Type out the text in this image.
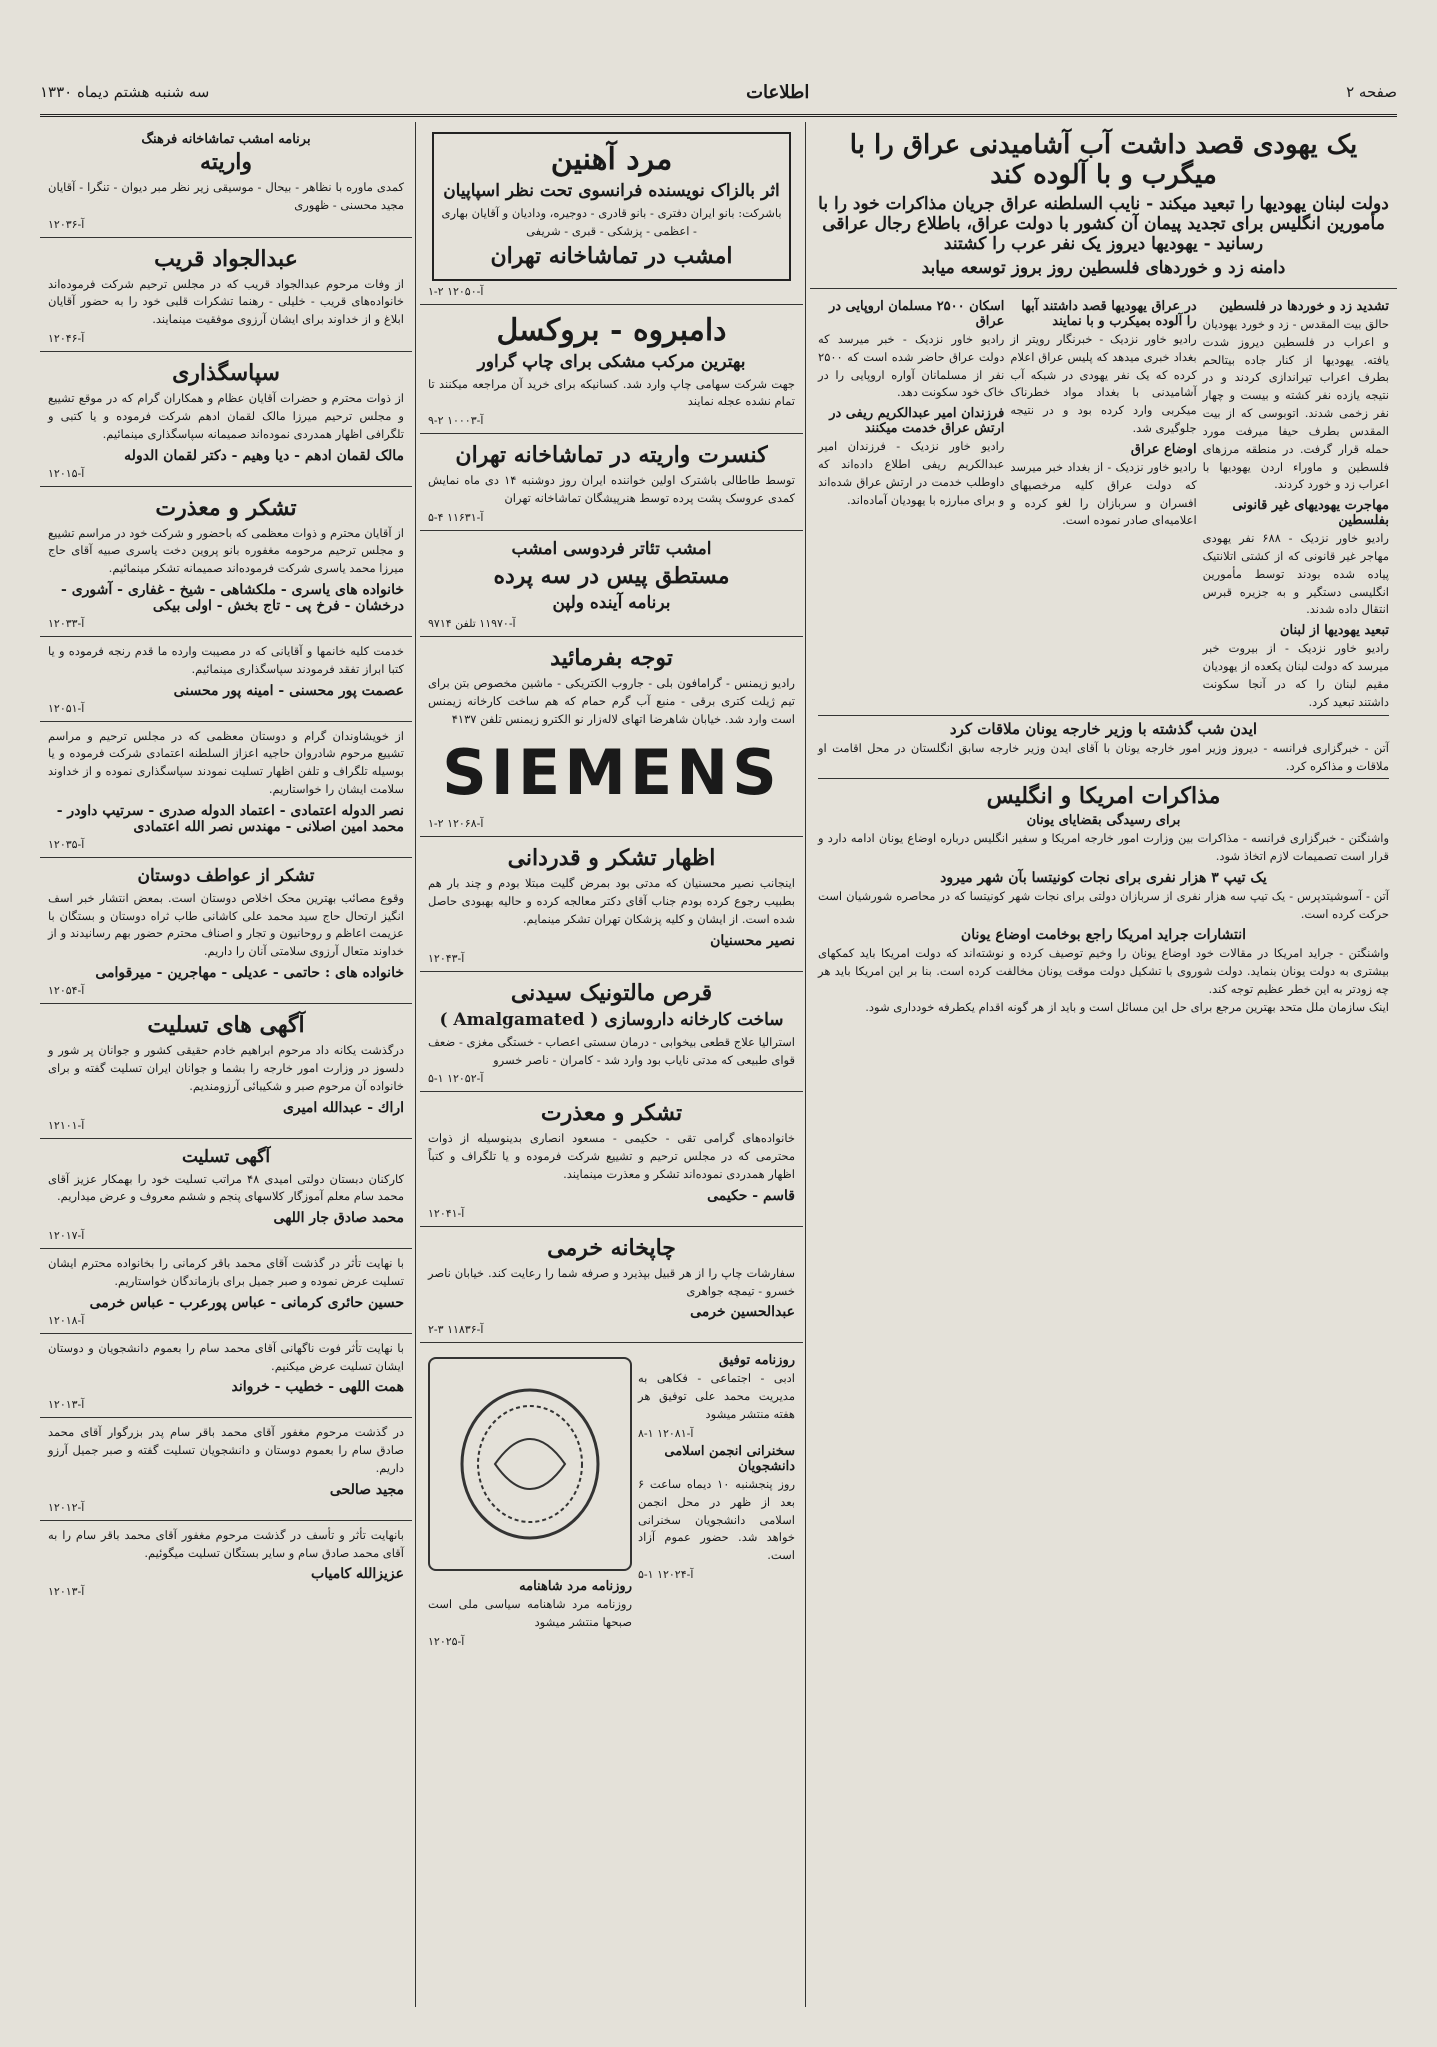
سه شنبه هشتم دیماه ۱۳۳۰	اطلاعات	صفحه ۲
یک یهودی قصد داشت آب آشامیدنی عراق را با میگرب و با آلوده کند
دولت لبنان یهودیها را تبعید میکند - نایب السلطنه عراق جریان مذاکرات خود را با مأمورین انگلیس برای تجدید پیمان آن کشور با دولت عراق، باطلاع رجال عراقی رسانید - یهودیها دیروز یک نفر عرب را کشتند
دامنه زد و خوردهای فلسطین روز بروز توسعه میابد
تشدید زد و خوردها در فلسطین
حالق بیت المقدس - زد و خورد یهودیان و اعراب در فلسطین دیروز شدت یافته. یهودیها از کنار جاده بیتالحم بطرف اعراب تیراندازی کردند و در نتیجه یازده نفر کشته و بیست و چهار نفر زخمی شدند. اتوبوسی که از بیت المقدس بطرف حیفا میرفت مورد حمله قرار گرفت. در منطقه مرزهای فلسطین و ماوراء اردن یهودیها با اعراب زد و خورد کردند.
مهاجرت یهودیهای غیر قانونی بفلسطین
رادیو خاور نزدیک - ۶۸۸ نفر یهودی مهاجر غیر قانونی که از کشتی اتلانتیک پیاده شده بودند توسط مأمورین انگلیسی دستگیر و به جزیره قبرس انتقال داده شدند.
تبعید یهودیها از لبنان
رادیو خاور نزدیک - از بیروت خبر میرسد که دولت لبنان یکعده از یهودیان مقیم لبنان را که در آنجا سکونت داشتند تبعید کرد.
در عراق یهودیها قصد داشتند آبها را آلوده بمیکرب و با نمایند
رادیو خاور نزدیک - خبرنگار رویتر از بغداد خبری میدهد که پلیس عراق اعلام کرده که یک نفر یهودی در شبکه آب آشامیدنی با بغداد مواد خطرناک میکربی وارد کرده بود و در نتیجه جلوگیری شد.
اوضاع عراق
رادیو خاور نزدیک - از بغداد خبر میرسد که دولت عراق کلیه مرخصیهای افسران و سربازان را لغو کرده و اعلامیه‌ای صادر نموده است.
اسکان ۲۵۰۰ مسلمان اروپایی در عراق
رادیو خاور نزدیک - خبر میرسد که دولت عراق حاضر شده است که ۲۵۰۰ نفر از مسلمانان آواره اروپایی را در خاک خود سکونت دهد.
فرزندان امیر عبدالکریم ریفی در ارتش عراق خدمت میکنند
رادیو خاور نزدیک - فرزندان امیر عبدالکریم ریفی اطلاع داده‌اند که داوطلب خدمت در ارتش عراق شده‌اند و برای مبارزه با یهودیان آماده‌اند.
ایدن شب گذشته با وزیر خارجه یونان ملاقات کرد
آتن - خبرگزاری فرانسه - دیروز وزیر امور خارجه یونان با آقای ایدن وزیر خارجه سابق انگلستان در محل اقامت او ملاقات و مذاکره کرد.
مذاکرات امریکا و انگلیس
برای رسیدگی بقضایای یونان
واشنگتن - خبرگزاری فرانسه - مذاکرات بین وزارت امور خارجه امریکا و سفیر انگلیس درباره اوضاع یونان ادامه دارد و قرار است تصمیمات لازم اتخاذ شود.
یک تیپ ۳ هزار نفری برای نجات کونیتسا بآن شهر میرود
آتن - آسوشیتدپرس - یک تیپ سه هزار نفری از سربازان دولتی برای نجات شهر کونیتسا که در محاصره شورشیان است حرکت کرده است.
انتشارات جراید امریکا راجع بوخامت اوضاع یونان
واشنگتن - جراید امریکا در مقالات خود اوضاع یونان را وخیم توصیف کرده و نوشته‌اند که دولت امریکا باید کمکهای بیشتری به دولت یونان بنماید. دولت شوروی با تشکیل دولت موقت یونان مخالفت کرده است. بنا بر این امریکا باید هر چه زودتر به این خطر عظیم توجه کند.
اینک سازمان ملل متحد بهترین مرجع برای حل این مسائل است و باید از هر گونه اقدام یکطرفه خودداری شود.
مرد آهنین
اثر بالزاک نویسنده فرانسوی تحت نظر اسپاپیان
باشرکت: بانو ایران دفتری - بانو قادری - دوجیره، وداديان و آقايان بهاری - اعظمی - پزشکی - قبری - شریفی
امشب در تماشاخانه تهران
آ-۱۲۰۵۰ ۲-۱
دامبروه - بروکسل
بهترین مرکب مشکی برای چاپ گراور
جهت شرکت سهامی چاپ وارد شد. کسانیکه برای خرید آن مراجعه میکنند تا تمام نشده عجله نمایند
آ-۱۰۰۰۳ ۲-۹
کنسرت واریته در تماشاخانه تهران
توسط طاطالی باشترک اولین خواننده ایران روز دوشنبه ۱۴ دی ماه نمایش کمدی عروسک پشت پرده توسط هنرپیشگان تماشاخانه تهران
آ-۱۱۶۳۱ ۴-۵
امشب تئاتر فردوسی امشب
مستطق پیس در سه پرده
برنامه آینده ولپن
آ-۱۱۹۷۰ تلفن ۹۷۱۴
توجه بفرمائید
رادیو زیمنس - گرامافون بلی - جاروب الکتریکی - ماشین مخصوص بتن برای تیم ژیلت کتری برقی - منبع آب گرم حمام که هم ساخت کارخانه زیمنس است وارد شد. خیابان شاهرضا اتهای لاله‌زار نو الکترو زیمنس تلفن ۴۱۳۷
SIEMENS
آ-۱۲۰۶۸ ۲-۱
اظهار تشکر و قدردانی
اینجانب نصیر محسنیان که مدتی بود بمرض گلیت مبتلا بودم و چند بار هم بطبیب رجوع کرده بودم جناب آقای دکتر معالجه کرده و حالیه بهبودی حاصل شده است. از ایشان و کلیه پزشکان تهران تشکر مینمایم.
نصیر محسنیان
آ-۱۲۰۴۳
قرص مالتونیک سیدنی
ساخت کارخانه داروسازی ( Amalgamated )
استرالیا علاج قطعی بیخوابی - درمان سستی اعصاب - خستگی مغزی - ضعف قوای طبیعی که مدتی نایاب بود وارد شد - کامران - ناصر خسرو
آ-۱۲۰۵۲ ۱-۵
تشکر و معذرت
خانواده‌های گرامی تقی - حکیمی - مسعود انصاری بدینوسیله از ذوات محترمی که در مجلس ترحیم و تشییع شرکت فرموده و یا تلگراف و کتباً اظهار همدردی نموده‌اند تشکر و معذرت مینمایند.
قاسم - حکیمی
آ-۱۲۰۴۱
چاپخانه خرمی
سفارشات چاپ را از هر قبیل بپذیرد و صرفه شما را رعایت کند. خیابان ناصر خسرو - تیمچه جواهری
عبدالحسین خرمی
آ-۱۱۸۳۶ ۳-۲
روزنامه توفیق
ادبی - اجتماعی - فکاهی به مدیریت محمد علی توفیق هر هفته منتشر میشود
آ-۱۲۰۸۱ ۱-۸
سخنرانی انجمن اسلامی دانشجویان
روز پنجشنبه ۱۰ دیماه ساعت ۶ بعد از ظهر در محل انجمن اسلامی دانشجویان سخنرانی خواهد شد. حضور عموم آزاد است.
آ-۱۲۰۲۴ ۱-۵
روزنامه مرد شاهنامه
روزنامه مرد شاهنامه سیاسی ملی است صبحها منتشر میشود
آ-۱۲۰۲۵
برنامه امشب تماشاخانه فرهنگ
واریته
کمدی ماوره با نظاهر - بیحال - موسیقی زیر نظر مبر دیوان - تنگرا - آقایان مجید محسنی - ظهوری
آ-۱۲۰۳۶
عبدالجواد قریب
از وفات مرحوم عبدالجواد قریب که در مجلس ترحیم شرکت فرموده‌اند خانواده‌های قریب - خلیلی - رهنما تشکرات قلبی خود را به حضور آقایان ابلاغ و از خداوند برای ایشان آرزوی موفقیت مینمایند.
آ-۱۲۰۴۶
سپاسگذاری
از ذوات محترم و حضرات آقایان عظام و همکاران گرام که در موقع تشییع و مجلس ترحیم میرزا مالک لقمان ادهم شرکت فرموده و یا کتبی و تلگرافی اظهار همدردی نموده‌اند صمیمانه سپاسگذاری مینمائیم.
مالک لقمان ادهم - دیا وهیم - دکتر لقمان الدوله
آ-۱۲۰۱۵
تشکر و معذرت
از آقایان محترم و ذوات معظمی که باحضور و شرکت خود در مراسم تشییع و مجلس ترحیم مرحومه مغفوره بانو پروین دخت یاسری صبیه آقای حاج میرزا محمد یاسری شرکت فرموده‌اند صمیمانه تشکر مینمائیم.
خانواده های یاسری - ملکشاهی - شیخ - غفاری - آشوری - درخشان - فرخ پی - تاج بخش - اولی بیکی
آ-۱۲۰۳۳
خدمت کلیه خانمها و آقایانی که در مصیبت وارده ما قدم رنجه فرموده و یا کتبا ابراز تفقد فرمودند سپاسگذاری مینمائیم.
عصمت پور محسنی - امینه پور محسنی
آ-۱۲۰۵۱
از خویشاوندان گرام و دوستان معظمی که در مجلس ترحیم و مراسم تشییع مرحوم شادروان حاجیه اعزاز السلطنه اعتمادی شرکت فرموده و یا بوسیله تلگراف و تلفن اظهار تسلیت نمودند سپاسگذاری نموده و از خداوند سلامت ایشان را خواستاریم.
نصر الدوله اعتمادی - اعتماد الدوله صدری - سرتیپ داودر - محمد امین اصلانی - مهندس نصر الله اعتمادی
آ-۱۲۰۳۵
تشکر از عواطف دوستان
وقوع مصائب بهترین محک اخلاص دوستان است. بمعض انتشار خبر اسف انگیز ارتحال حاج سید محمد علی کاشانی طاب ثراه دوستان و بستگان با عزیمت اعاظم و روحانیون و تجار و اصناف محترم حضور بهم رسانیدند و از خداوند متعال آرزوی سلامتی آنان را داریم.
خانواده های : حاتمی - عدیلی - مهاجرین - میرقوامی
آ-۱۲۰۵۴
آگهی های تسلیت
درگذشت یکانه داد مرحوم ابراهیم خادم حقیقی کشور و جوانان پر شور و دلسوز در وزارت امور خارجه را بشما و جوانان ایران تسلیت گفته و برای خانواده آن مرحوم صبر و شکیبائی آرزومندیم.
اراك - عبدالله امیری
آ-۱۲۱۰۱
آگهی تسلیت
کارکنان دبستان دولتی امیدی ۴۸ مراتب تسلیت خود را بهمکار عزیز آقای محمد سام معلم آموزگار کلاسهای پنجم و ششم معروف و عرض میداریم.
محمد صادق جار اللهی
آ-۱۲۰۱۷
با نهایت تأثر در گذشت آقای محمد باقر کرمانی را بخانواده محترم ایشان تسلیت عرض نموده و صبر جمیل برای بازماندگان خواستاریم.
حسین حائری کرمانی - عباس پورعرب - عباس خرمی
آ-۱۲۰۱۸
با نهایت تأثر فوت ناگهانی آقای محمد سام را بعموم دانشجویان و دوستان ایشان تسلیت عرض میکنیم.
همت اللهی - خطیب - خرواند
آ-۱۲۰۱۳
در گذشت مرحوم مغفور آقای محمد باقر سام پدر بزرگوار آقای محمد صادق سام را بعموم دوستان و دانشجویان تسلیت گفته و صبر جمیل آرزو داریم.
مجید صالحی
آ-۱۲۰۱۲
بانهایت تأثر و تأسف در گذشت مرحوم مغفور آقای محمد باقر سام را به آقای محمد صادق سام و سایر بستگان تسلیت میگوئیم.
عزیزالله کامیاب
آ-۱۲۰۱۳
